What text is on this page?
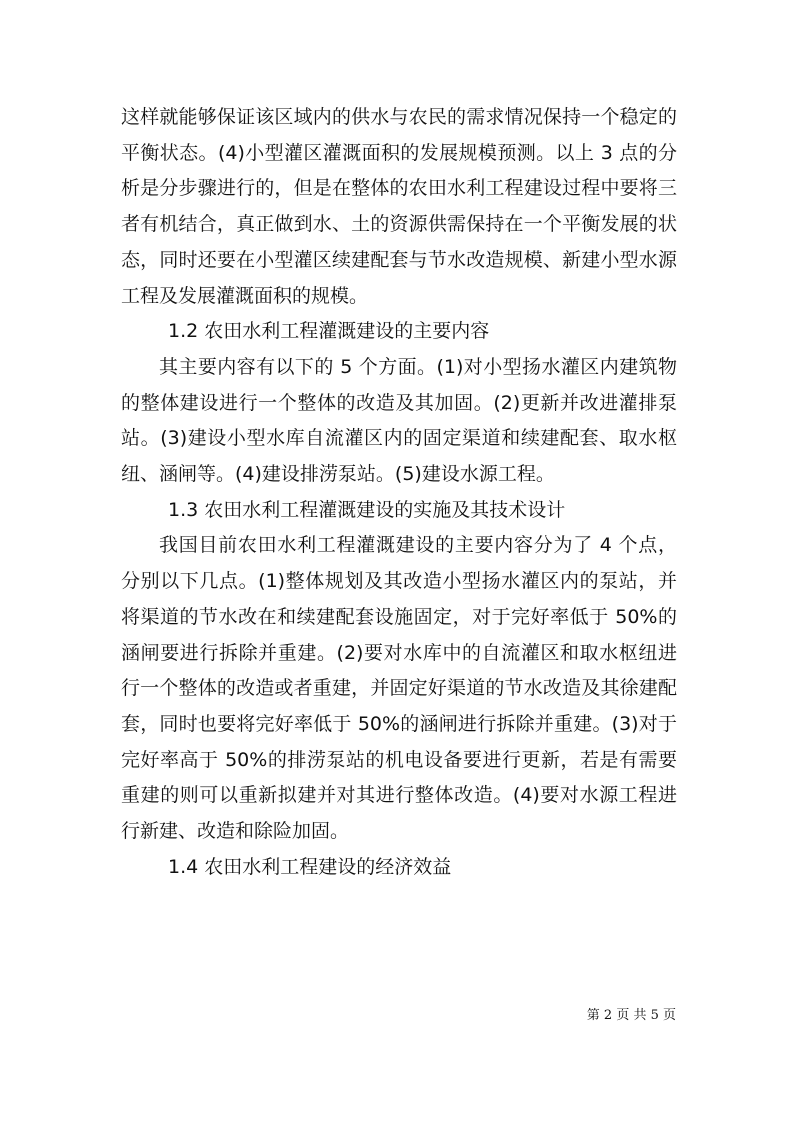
这样就能够保证该区域内的供水与农民的需求情况保持一个稳定的平衡状态。(4)小型灌区灌溉面积的发展规模预测。以上 3 点的分析是分步骤进行的，但是在整体的农田水利工程建设过程中要将三者有机结合，真正做到水、土的资源供需保持在一个平衡发展的状态，同时还要在小型灌区续建配套与节水改造规模、新建小型水源工程及发展灌溉面积的规模。

1.2 农田水利工程灌溉建设的主要内容

其主要内容有以下的 5 个方面。(1)对小型扬水灌区内建筑物的整体建设进行一个整体的改造及其加固。(2)更新并改进灌排泵站。(3)建设小型水库自流灌区内的固定渠道和续建配套、取水枢纽、涵闸等。(4)建设排涝泵站。(5)建设水源工程。

1.3 农田水利工程灌溉建设的实施及其技术设计

我国目前农田水利工程灌溉建设的主要内容分为了 4 个点，分别以下几点。(1)整体规划及其改造小型扬水灌区内的泵站，并将渠道的节水改在和续建配套设施固定，对于完好率低于 50%的涵闸要进行拆除并重建。(2)要对水库中的自流灌区和取水枢纽进行一个整体的改造或者重建，并固定好渠道的节水改造及其徐建配套，同时也要将完好率低于 50%的涵闸进行拆除并重建。(3)对于完好率高于 50%的排涝泵站的机电设备要进行更新，若是有需要重建的则可以重新拟建并对其进行整体改造。(4)要对水源工程进行新建、改造和除险加固。

1.4 农田水利工程建设的经济效益

第 2 页 共 5 页
